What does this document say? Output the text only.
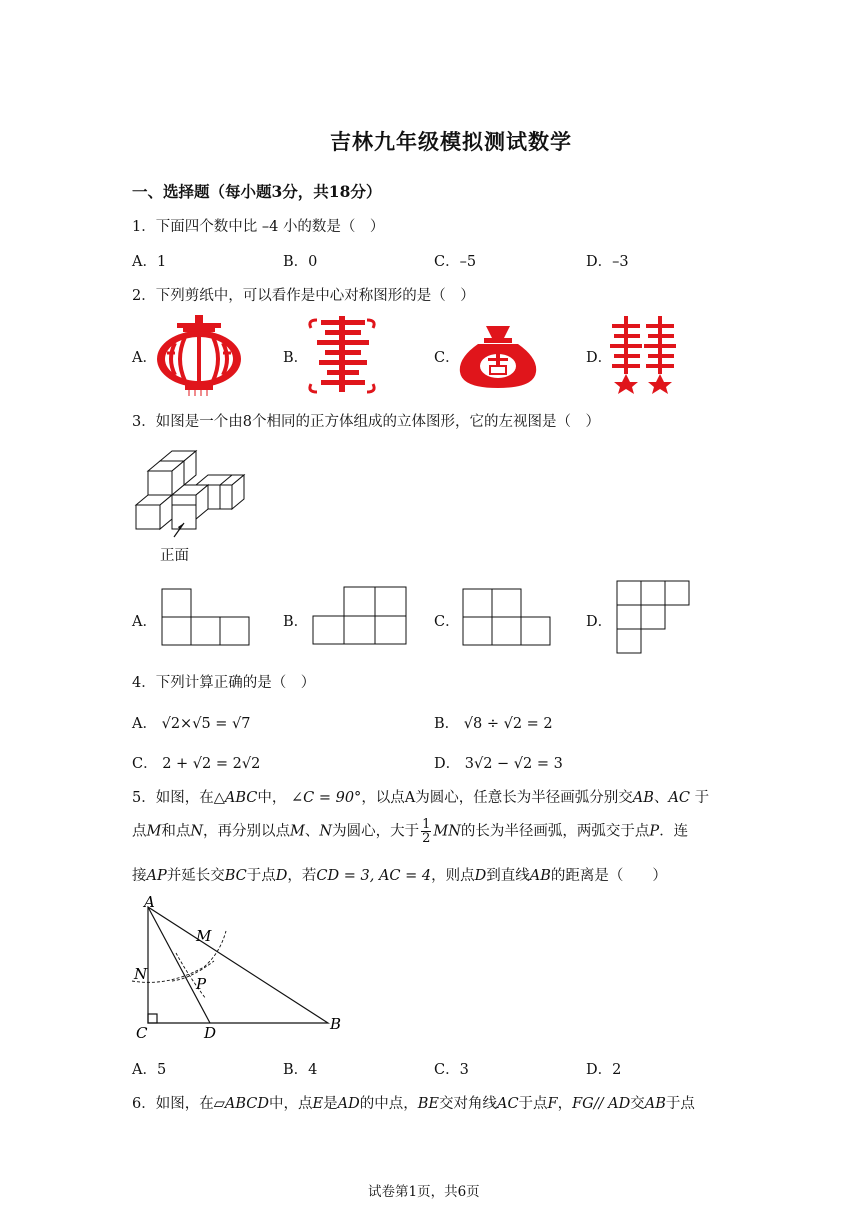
吉林九年级模拟测试数学
一、选择题（每小题3分，共18分）
1．下面四个数中比 –4 小的数是（　）
A．1	B．0	C．–5	D．–3
2．下列剪纸中，可以看作是中心对称图形的是（　）
A．	B．	C．	D．
3．如图是一个由8个相同的正方体组成的立体图形，它的左视图是（　）
正面
A．	B．	C．	D．
4．下列计算正确的是（　）
A． √2×√5 = √7	B． √8 ÷ √2 = 2
C． 2 + √2 = 2√2	D． 3√2 − √2 = 3
5．如图，在△ABC中， ∠C = 90°，以点A为圆心，任意长为半径画弧分别交AB、AC 于
点M和点N，再分别以点M、N为圆心，大于 $\frac{1}{2}$ MN的长为半径画弧，两弧交于点P．连
接AP并延长交BC于点D，若CD = 3, AC = 4，则点D到直线AB的距离是（　　）
A
M
N
P
C	D	B
A．5	B．4	C．3	D．2
6．如图，在▱ABCD中，点E是AD的中点，BE交对角线AC于点F，FG// AD交AB于点
试卷第1页，共6页
